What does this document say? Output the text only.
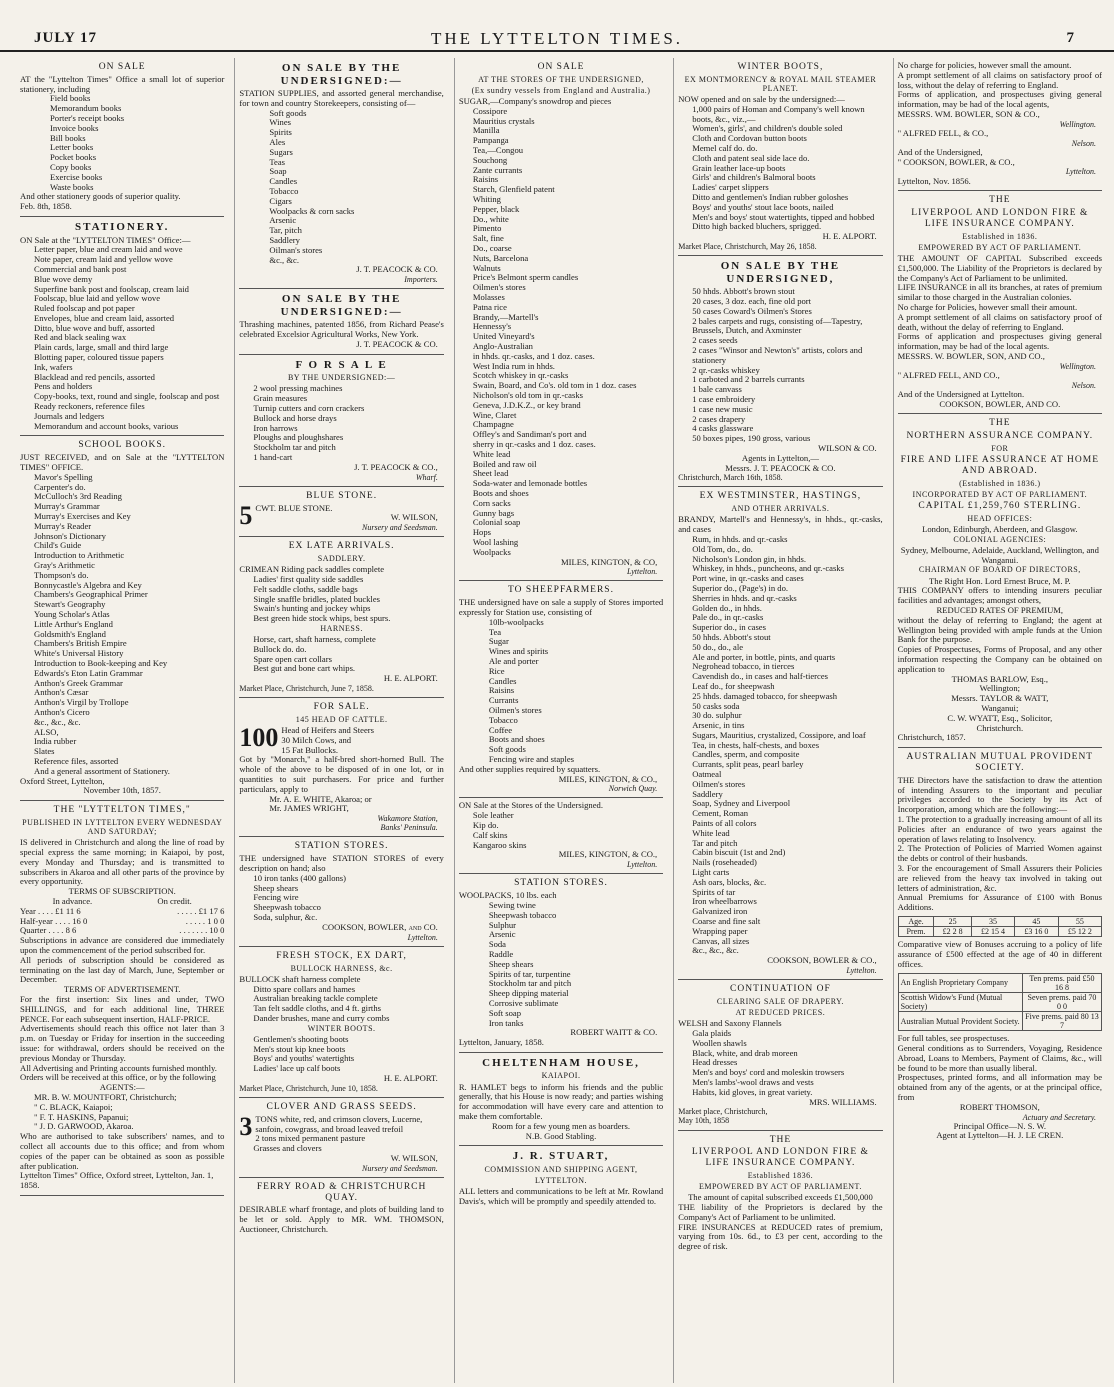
JULY 17	THE LYTTELTON TIMES.	7
ON SALE
AT the "Lyttelton Times" Office a small lot of superior stationery, including
Field books
Memorandum books
Porter's receipt books
Invoice books
Bill books
Letter books
Pocket books
Copy books
Exercise books
Waste books
And other stationery goods of superior quality.
Feb. 8th, 1858.
STATIONERY.
ON Sale at the "LYTTELTON TIMES" Office:—
Letter paper, blue and cream laid and wove
Note paper, cream laid and yellow wove
Commercial and bank post
Blue wove demy
Superfine bank post and foolscap, cream laid
Foolscap, blue laid and yellow wove
Ruled foolscap and pot paper
Envelopes, blue and cream laid, assorted
Ditto, blue wove and buff, assorted
Red and black sealing wax
Plain cards, large, small and third large
Blotting paper, coloured tissue papers
Ink, wafers
Blacklead and red pencils, assorted
Pens and holders
Copy-books, text, round and single, foolscap and post
Ready reckoners, reference files
Journals and ledgers
Memorandum and account books, various
SCHOOL BOOKS.
JUST RECEIVED, and on Sale at the "LYTTELTON TIMES" OFFICE.
Mavor's Spelling
Carpenter's do.
McCulloch's 3rd Reading
Murray's Grammar
Murray's Exercises and Key
Murray's Reader
Johnson's Dictionary
Child's Guide
Introduction to Arithmetic
Gray's Arithmetic
Thompson's do.
Bonnycastle's Algebra and Key
Chambers's Geographical Primer
Stewart's Geography
Young Scholar's Atlas
Little Arthur's England
Goldsmith's England
Chambers's British Empire
White's Universal History
Introduction to Book-keeping and Key
Edwards's Eton Latin Grammar
Anthon's Greek Grammar
Anthon's Cæsar
Anthon's Virgil by Trollope
Anthon's Cicero
&c., &c., &c.
ALSO,
India rubber
Slates
Reference files, assorted
And a general assortment of Stationery.
Oxford Street, Lyttelton,
November 10th, 1857.
THE "LYTTELTON TIMES,"
PUBLISHED IN LYTTELTON EVERY WEDNESDAY AND SATURDAY;
IS delivered in Christchurch and along the line of road by special express the same morning; in Kaiapoi, by post, every Monday and Thursday; and is transmitted to subscribers in Akaroa and all other parts of the province by every opportunity.
TERMS OF SUBSCRIPTION.
In advance.	On credit.
Year . . . . £1 11 6	. . . . . £1 17 6
Half-year . . . . 16 0	. . . . . 1 0 0
Quarter . . . . 8 6	. . . . . . . 10 0
Subscriptions in advance are considered due immediately upon the commencement of the period subscribed for.
All periods of subscription should be considered as terminating on the last day of March, June, September or December.
TERMS OF ADVERTISEMENT.
For the first insertion: Six lines and under, TWO SHILLINGS, and for each additional line, THREE PENCE. For each subsequent insertion, HALF-PRICE.
Advertisements should reach this office not later than 3 p.m. on Tuesday or Friday for insertion in the succeeding issue: for withdrawal, orders should be received on the previous Monday or Thursday.
All Advertising and Printing accounts furnished monthly.
Orders will be received at this office, or by the following
AGENTS:—
MR. B. W. MOUNTFORT, Christchurch;
" C. BLACK, Kaiapoi;
" F. T. HASKINS, Papanui;
" J. D. GARWOOD, Akaroa.
Who are authorised to take subscribers' names, and to collect all accounts due to this office; and from whom copies of the paper can be obtained as soon as possible after publication.
Lyttelton Times" Office, Oxford street, Lyttelton, Jan. 1, 1858.
ON SALE BY THE UNDERSIGNED:—
STATION SUPPLIES, and assorted general merchandise, for town and country Storekeepers, consisting of—
Soft goods
Wines
Spirits
Ales
Sugars
Teas
Soap
Candles
Tobacco
Cigars
Woolpacks & corn sacks
Arsenic
Tar, pitch
Saddlery
Oilman's stores
&c., &c.
J. T. PEACOCK & CO.
Importers.
ON SALE BY THE UNDERSIGNED:—
Thrashing machines, patented 1856, from Richard Pease's celebrated Excelsior Agricultural Works, New York.
J. T. PEACOCK & CO.
F O R S A L E
BY THE UNDERSIGNED:—
2 wool pressing machines
Grain measures
Turnip cutters and corn crackers
Bullock and horse drays
Iron harrows
Ploughs and ploughshares
Stockholm tar and pitch
1 hand-cart
J. T. PEACOCK & CO.,
Wharf.
BLUE STONE.
5 CWT. BLUE STONE.
W. WILSON,
Nursery and Seedsman.
EX LATE ARRIVALS.
SADDLERY.
CRIMEAN Riding pack saddles complete
Ladies' first quality side saddles
Felt saddle cloths, saddle bags
Single snaffle bridles, plated buckles
Swain's hunting and jockey whips
Best green hide stock whips, best spurs.
HARNESS.
Horse, cart, shaft harness, complete
Bullock do. do.
Spare open cart collars
Best gut and bone cart whips.
H. E. ALPORT.
Market Place, Christchurch, June 7, 1858.
FOR SALE.
145 HEAD OF CATTLE.
100 Head of Heifers and Steers
30 Milch Cows, and
15 Fat Bullocks.
Got by "Monarch," a half-bred short-horned Bull. The whole of the above to be disposed of in one lot, or in quantities to suit purchasers. For price and further particulars, apply to
Mr. A. E. WHITE, Akaroa; or
Mr. JAMES WRIGHT,
Wakamore Station,
Banks' Peninsula.
STATION STORES.
THE undersigned have STATION STORES of every description on hand; also
10 iron tanks (400 gallons)
Sheep shears
Fencing wire
Sheepwash tobacco
Soda, sulphur, &c.
COOKSON, BOWLER, and CO.
Lyttelton.
FRESH STOCK, EX DART,
BULLOCK HARNESS, &c.
BULLOCK shaft harness complete
Ditto spare collars and hames
Australian breaking tackle complete
Tan felt saddle cloths, and 4 ft. girths
Dander brushes, mane and curry combs
WINTER BOOTS.
Gentlemen's shooting boots
Men's stout kip knee boots
Boys' and youths' watertights
Ladies' lace up calf boots
H. E. ALPORT.
Market Place, Christchurch, June 10, 1858.
CLOVER AND GRASS SEEDS.
3 TONS white, red, and crimson clovers, Lucerne, sanfoin, cowgrass, and broad leaved trefoil
2 tons mixed permanent pasture
Grasses and clovers
W. WILSON,
Nursery and Seedsman.
FERRY ROAD & CHRISTCHURCH QUAY.
DESIRABLE wharf frontage, and plots of building land to be let or sold. Apply to MR. WM. THOMSON, Auctioneer, Christchurch.
ON SALE
AT THE STORES OF THE UNDERSIGNED,
(Ex sundry vessels from England and Australia.)
SUGAR,—Company's snowdrop and pieces
Cossipore
Mauritius crystals
Manilla
Pampanga
Tea,—Congou
Souchong
Zante currants
Raisins
Starch, Glenfield patent
Whiting
Pepper, black
Do., white
Pimento
Salt, fine
Do., coarse
Nuts, Barcelona
Walnuts
Price's Belmont sperm candles
Oilmen's stores
Molasses
Patna rice
Brandy,—Martell's
Hennessy's
United Vineyard's
Anglo-Australian
in hhds. qr.-casks, and 1 doz. cases.
West India rum in hhds.
Scotch whiskey in qr.-casks
Swain, Board, and Co's. old tom in 1 doz. cases
Nicholson's old tom in qr.-casks
Geneva, J.D.K.Z., or key brand
Wine, Claret
Champagne
Offley's and Sandiman's port and
sherry in qr.-casks and 1 doz. cases.
White lead
Boiled and raw oil
Sheet lead
Soda-water and lemonade bottles
Boots and shoes
Corn sacks
Gunny bags
Colonial soap
Hops
Wool lashing
Woolpacks
MILES, KINGTON, & CO,
Lyttelton.
TO SHEEPFARMERS.
THE undersigned have on sale a supply of Stores imported expressly for Station use, consisting of
10lb-woolpacks
Tea
Sugar
Wines and spirits
Ale and porter
Rice
Candles
Raisins
Currants
Oilmen's stores
Tobacco
Coffee
Boots and shoes
Soft goods
Fencing wire and staples
And other supplies required by squatters.
MILES, KINGTON, & CO.,
Norwich Quay.
ON Sale at the Stores of the Undersigned.
Sole leather
Kip do.
Calf skins
Kangaroo skins
MILES, KINGTON, & CO.,
Lyttelton.
STATION STORES.
WOOLPACKS, 10 lbs. each
Sewing twine
Sheepwash tobacco
Sulphur
Arsenic
Soda
Raddle
Sheep shears
Spirits of tar, turpentine
Stockholm tar and pitch
Sheep dipping material
Corrosive sublimate
Soft soap
Iron tanks
ROBERT WAITT & CO.
Lyttelton, January, 1858.
CHELTENHAM HOUSE,
KAIAPOI.
R. HAMLET begs to inform his friends and the public generally, that his House is now ready; and parties wishing for accommodation will have every care and attention to make them comfortable.
Room for a few young men as boarders.
N.B. Good Stabling.
J. R. STUART,
COMMISSION AND SHIPPING AGENT,
LYTTELTON.
ALL letters and communications to be left at Mr. Rowland Davis's, which will be promptly and speedily attended to.
WINTER BOOTS,
EX MONTMORENCY & ROYAL MAIL STEAMER PLANET.
NOW opened and on sale by the undersigned:—
1,000 pairs of Homan and Company's well known boots, &c., viz.,—
Women's, girls', and children's double soled
Cloth and Cordovan button boots
Memel calf do. do.
Cloth and patent seal side lace do.
Grain leather lace-up boots
Girls' and children's Balmoral boots
Ladies' carpet slippers
Ditto and gentlemen's Indian rubber goloshes
Boys' and youths' stout lace boots, nailed
Men's and boys' stout watertights, tipped and hobbed
Ditto high backed bluchers, sprigged.
H. E. ALPORT.
Market Place, Christchurch, May 26, 1858.
ON SALE BY THE UNDERSIGNED,
50 hhds. Abbott's brown stout
20 cases, 3 doz. each, fine old port
50 cases Coward's Oilmen's Stores
2 bales carpets and rugs, consisting of—Tapestry, Brussels, Dutch, and Axminster
2 cases seeds
2 cases "Winsor and Newton's" artists, colors and stationery
2 qr.-casks whiskey
1 carboted and 2 barrels currants
1 bale canvass
1 case embroidery
1 case new music
2 cases drapery
4 casks glassware
50 boxes pipes, 190 gross, various
WILSON & CO.
Agents in Lyttelton,—
Messrs. J. T. PEACOCK & CO.
Christchurch, March 16th, 1858.
EX WESTMINSTER, HASTINGS,
AND OTHER ARRIVALS.
BRANDY, Martell's and Hennessy's, in hhds., qr.-casks, and cases
Rum, in hhds. and qr.-casks
Old Tom, do., do.
Nicholson's London gin, in hhds.
Whiskey, in hhds., puncheons, and qr.-casks
Port wine, in qr.-casks and cases
Superior do., (Page's) in do.
Sherries in hhds. and qr.-casks
Golden do., in hhds.
Pale do., in qr.-casks
Superior do., in cases
50 hhds. Abbott's stout
50 do., do., ale
Ale and porter, in bottle, pints, and quarts
Negrohead tobacco, in tierces
Cavendish do., in cases and half-tierces
Leaf do., for sheepwash
25 hhds. damaged tobacco, for sheepwash
50 casks soda
30 do. sulphur
Arsenic, in tins
Sugars, Mauritius, crystalized, Cossipore, and loaf
Tea, in chests, half-chests, and boxes
Candles, sperm, and composite
Currants, split peas, pearl barley
Oatmeal
Oilmen's stores
Saddlery
Soap, Sydney and Liverpool
Cement, Roman
Paints of all colors
White lead
Tar and pitch
Cabin biscuit (1st and 2nd)
Nails (roseheaded)
Light carts
Ash oars, blocks, &c.
Spirits of tar
Iron wheelbarrows
Galvanized iron
Coarse and fine salt
Wrapping paper
Canvas, all sizes
&c., &c., &c.
COOKSON, BOWLER & CO.,
Lyttelton.
CONTINUATION OF
CLEARING SALE OF DRAPERY.
AT REDUCED PRICES.
WELSH and Saxony Flannels
Gala plaids
Woollen shawls
Black, white, and drab moreen
Head dresses
Men's and boys' cord and moleskin trowsers
Men's lambs'-wool draws and vests
Habits, kid gloves, in great variety.
MRS. WILLIAMS.
Market place, Christchurch,
May 10th, 1858
THE
LIVERPOOL AND LONDON FIRE & LIFE INSURANCE COMPANY.
Established 1836.
EMPOWERED BY ACT OF PARLIAMENT.
The amount of capital subscribed exceeds £1,500,000
THE liability of the Proprietors is declared by the Company's Act of Parliament to be unlimited.
FIRE INSURANCES at REDUCED rates of premium, varying from 10s. 6d., to £3 per cent, according to the degree of risk.
No charge for policies, however small the amount.
A prompt settlement of all claims on satisfactory proof of loss, without the delay of referring to England.
Forms of application, and prospectuses giving general information, may be had of the local agents,
MESSRS. WM. BOWLER, SON & CO.,
Wellington.
" ALFRED FELL, & CO.,
Nelson.
And of the Undersigned,
" COOKSON, BOWLER, & CO.,
Lyttelton.
Lyttelton, Nov. 1856.
THE
LIVERPOOL AND LONDON FIRE & LIFE INSURANCE COMPANY.
Established in 1836.
EMPOWERED BY ACT OF PARLIAMENT.
THE AMOUNT OF CAPITAL Subscribed exceeds £1,500,000. The Liability of the Proprietors is declared by the Company's Act of Parliament to be unlimited.
LIFE INSURANCE in all its branches, at rates of premium similar to those charged in the Australian colonies.
No charge for Policies, however small their amount.
A prompt settlement of all claims on satisfactory proof of death, without the delay of referring to England.
Forms of application and prospectuses giving general information, may be had of the local agents.
MESSRS. W. BOWLER, SON, AND CO.,
Wellington.
" ALFRED FELL, AND CO.,
Nelson.
And of the Undersigned at Lyttelton.
COOKSON, BOWLER, AND CO.
THE
NORTHERN ASSURANCE COMPANY.
FOR
FIRE AND LIFE ASSURANCE AT HOME AND ABROAD.
(Established in 1836.)
INCORPORATED BY ACT OF PARLIAMENT.
CAPITAL £1,259,760 STERLING.
HEAD OFFICES:
London, Edinburgh, Aberdeen, and Glasgow.
COLONIAL AGENCIES:
Sydney, Melbourne, Adelaide, Auckland, Wellington, and Wanganui.
CHAIRMAN OF BOARD OF DIRECTORS,
The Right Hon. Lord Ernest Bruce, M. P.
THIS COMPANY offers to intending insurers peculiar facilities and advantages; amongst others,
REDUCED RATES OF PREMIUM,
without the delay of referring to England; the agent at Wellington being provided with ample funds at the Union Bank for the purpose.
Copies of Prospectuses, Forms of Proposal, and any other information respecting the Company can be obtained on application to
THOMAS BARLOW, Esq.,
Wellington;
Messrs. TAYLOR & WATT,
Wanganui;
C. W. WYATT, Esq., Solicitor,
Christchurch.
Christchurch, 1857.
AUSTRALIAN MUTUAL PROVIDENT SOCIETY.
THE Directors have the satisfaction to draw the attention of intending Assurers to the important and peculiar privileges accorded to the Society by its Act of Incorporation, among which are the following:—
1. The protection to a gradually increasing amount of all its Policies after an endurance of two years against the operation of laws relating to Insolvency.
2. The Protection of Policies of Married Women against the debts or control of their husbands.
3. For the encouragement of Small Assurers their Policies are relieved from the heavy tax involved in taking out letters of administration, &c.
Annual Premiums for Assurance of £100 with Bonus Additions.
Age.	25	35	45	55
Prem.	£2 2 8	£2 15 4	£3 16 0	£5 12 2
Comparative view of Bonuses accruing to a policy of life assurance of £500 effected at the age of 40 in different offices.
An English Proprietary Company	Ten prems. paid £50 16 8
Scottish Widow's Fund (Mutual Society)	Seven prems. paid 70 0 0
Australian Mutual Provident Society.	Five prems. paid 80 13 7
For full tables, see prospectuses.
General conditions as to Surrenders, Voyaging, Residence Abroad, Loans to Members, Payment of Claims, &c., will be found to be more than usually liberal.
Prospectuses, printed forms, and all information may be obtained from any of the agents, or at the principal office, from
ROBERT THOMSON,
Actuary and Secretary.
Principal Office—N. S. W.
Agent at Lyttelton—H. J. LE CREN.
